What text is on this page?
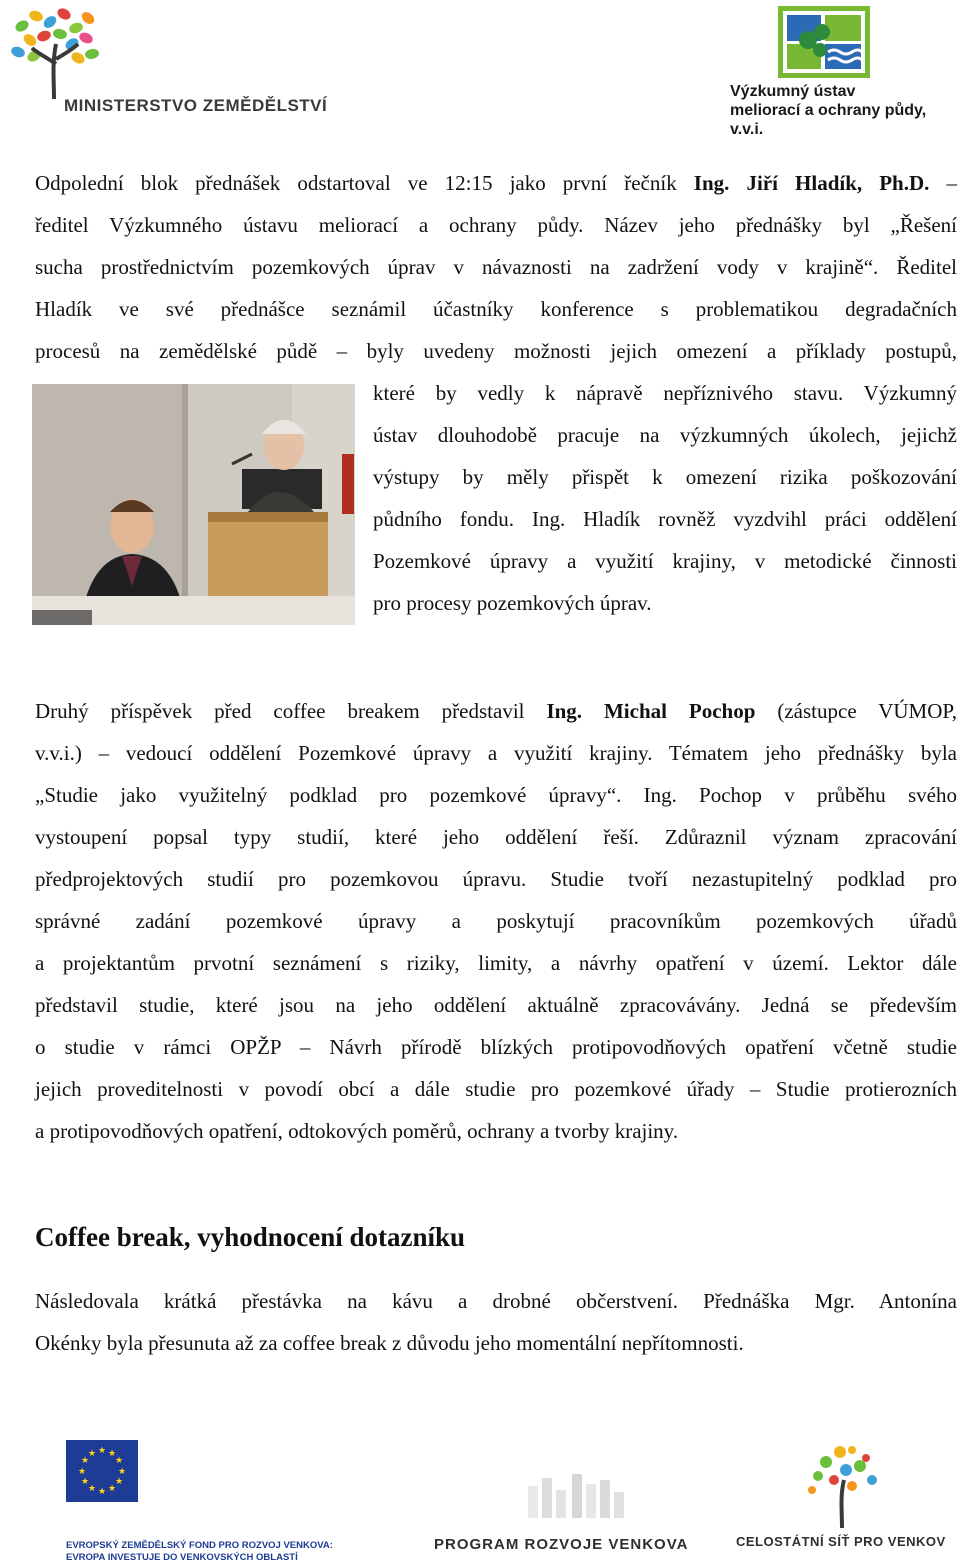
MINISTERSTVO ZEMĚDĚLSTVÍ
Výzkumný ústav meliorací a ochrany půdy, v.v.i.
Odpolední blok přednášek odstartoval ve 12:15 jako první řečník Ing. Jiří Hladík, Ph.D. –
ředitel Výzkumného ústavu meliorací a ochrany půdy. Název jeho přednášky byl „Řešení
sucha prostřednictvím pozemkových úprav v návaznosti na zadržení vody v krajině“. Ředitel
Hladík ve své přednášce seznámil účastníky konference s problematikou degradačních
procesů na zemědělské půdě – byly uvedeny možnosti jejich omezení a příklady postupů,
které by vedly k nápravě nepříznivého stavu. Výzkumný
ústav dlouhodobě pracuje na výzkumných úkolech, jejichž
výstupy by měly přispět k omezení rizika poškozování
půdního fondu. Ing. Hladík rovněž vyzdvihl práci oddělení
Pozemkové úpravy a využití krajiny, v metodické činnosti
pro procesy pozemkových úprav.
Druhý příspěvek před coffee breakem představil Ing. Michal Pochop (zástupce VÚMOP,
v.v.i.) – vedoucí oddělení Pozemkové úpravy a využití krajiny. Tématem jeho přednášky byla
„Studie jako využitelný podklad pro pozemkové úpravy“. Ing. Pochop v průběhu svého
vystoupení popsal typy studií, které jeho oddělení řeší. Zdůraznil význam zpracování
předprojektových studií pro pozemkovou úpravu. Studie tvoří nezastupitelný podklad pro
správné zadání pozemkové úpravy a poskytují pracovníkům pozemkových úřadů
a projektantům prvotní seznámení s riziky, limity, a návrhy opatření v území. Lektor dále
představil studie, které jsou na jeho oddělení aktuálně zpracovávány. Jedná se především
o studie v rámci OPŽP – Návrh přírodě blízkých protipovodňových opatření včetně studie
jejich proveditelnosti v povodí obcí a dále studie pro pozemkové úřady – Studie protierozních
a protipovodňových opatření, odtokových poměrů, ochrany a tvorby krajiny.
Coffee break, vyhodnocení dotazníku
Následovala krátká přestávka na kávu a drobné občerstvení. Přednáška Mgr. Antonína
Okénky byla přesunuta až za coffee break z důvodu jeho momentální nepřítomnosti.
★ ★
★
★
★
★
★
★
★
★
★
★
EVROPSKÝ ZEMĚDĚLSKÝ FOND PRO ROZVOJ VENKOVA:
EVROPA INVESTUJE DO VENKOVSKÝCH OBLASTÍ
PROGRAM ROZVOJE VENKOVA	CELOSTÁTNÍ SÍŤ PRO VENKOV
